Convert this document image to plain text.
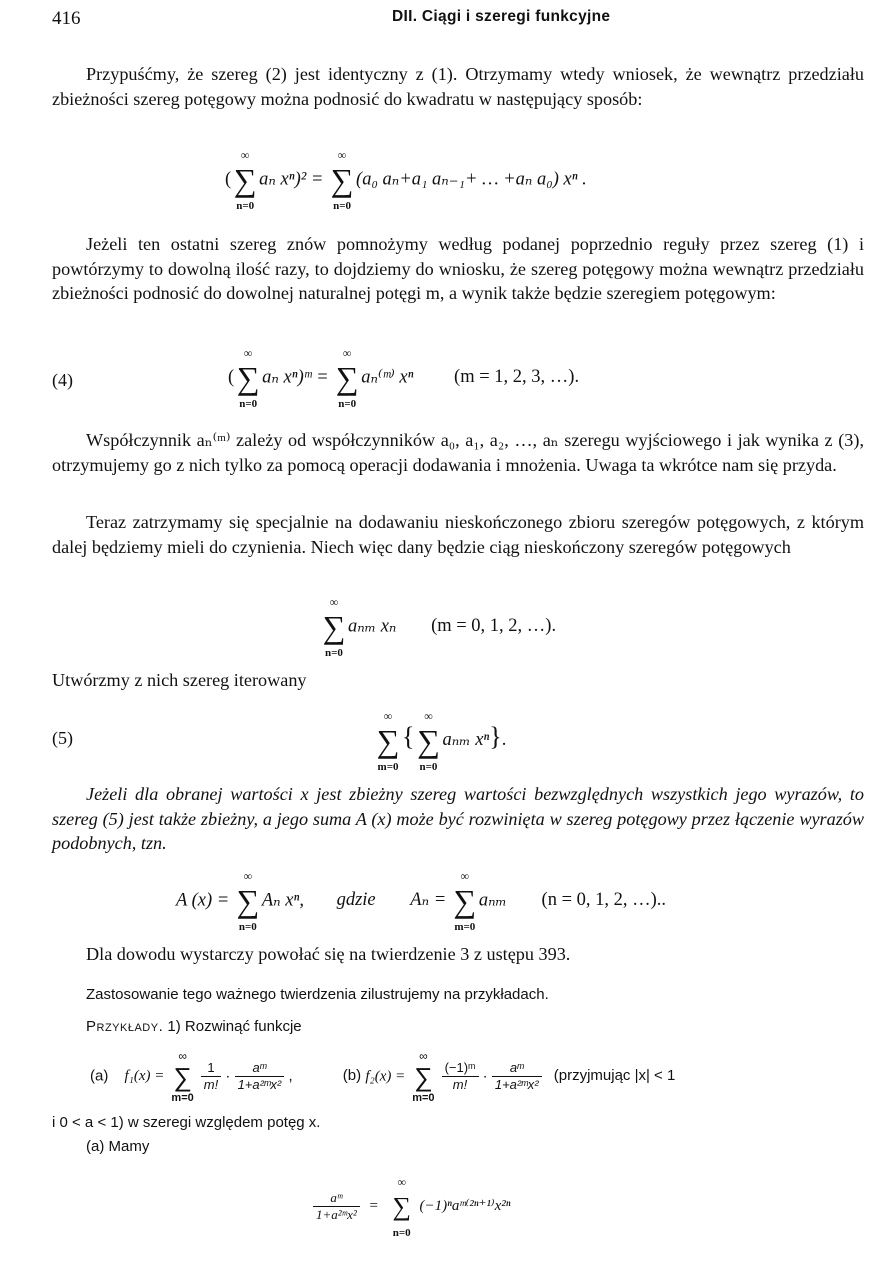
416	DII. Ciągi i szeregi funkcyjne
Przypuśćmy, że szereg (2) jest identyczny z (1). Otrzymamy wtedy wniosek, że wewnątrz przedziału zbieżności szereg potęgowy można podnosić do kwadratu w następujący sposób:
(
∞
∑
n=0
aₙ xⁿ)² =
∞
∑
n=0
(a₀ aₙ+a₁ aₙ₋₁+ … +aₙ a₀) xⁿ .
Jeżeli ten ostatni szereg znów pomnożymy według podanej poprzednio reguły przez szereg (1) i powtórzymy to dowolną ilość razy, to dojdziemy do wniosku, że szereg potęgowy można wewnątrz przedziału zbieżności podnosić do dowolnej naturalnej potęgi m, a wynik także będzie szeregiem potęgowym:
(4)	(
∞
∑
n=0
aₙ xⁿ)ᵐ =
∞
∑
n=0
aₙ⁽ᵐ⁾ xⁿ (m = 1, 2, 3, …).
Współczynnik aₙ⁽ᵐ⁾ zależy od współczynników a₀, a₁, a₂, …, aₙ szeregu wyjściowego i jak wynika z (3), otrzymujemy go z nich tylko za pomocą operacji dodawania i mnożenia. Uwaga ta wkrótce nam się przyda.
Teraz zatrzymamy się specjalnie na dodawaniu nieskończonego zbioru szeregów potęgowych, z którym dalej będziemy mieli do czynienia. Niech więc dany będzie ciąg nieskończony szeregów potęgowych
∞
∑
n=0
aₙₘ xₙ (m = 0, 1, 2, …).
Utwórzmy z nich szereg iterowany
(5)
∞
∑
m=0
{
∞
∑
n=0
aₙₘ xⁿ}.
Jeżeli dla obranej wartości x jest zbieżny szereg wartości bezwzględnych wszystkich jego wyrazów, to szereg (5) jest także zbieżny, a jego suma A (x) może być rozwinięta w szereg potęgowy przez łączenie wyrazów podobnych, tzn.
A (x) =
∞
∑
n=0
Aₙ xⁿ, gdzie Aₙ =
∞
∑
m=0
aₙₘ (n = 0, 1, 2, …)..
Dla dowodu wystarczy powołać się na twierdzenie 3 z ustępu 393.
Zastosowanie tego ważnego twierdzenia zilustrujemy na przykładach.
Przykłady. 1) Rozwinąć funkcje
(a) f₁(x) =
∞
∑
m=0

$\frac{1}{m!} \cdot \frac{\text{aᵐ}}{\text{1+a²ᵐx²}}$ ,	(b) f₂(x) =
∞
∑
m=0

$\frac{\text{(−1)ᵐ}}{m!} \cdot \frac{\text{aᵐ}}{\text{1+a²ᵐx²}}$ (przyjmując |x| < 1
i 0 < a < 1) w szeregi względem potęg x.
(a) Mamy
$\frac{\text{aᵐ}}{\text{1+a²ᵐx²}}$ =
∞
∑
n=0
(−1)ⁿaᵐ⁽²ⁿ⁺¹⁾x²ⁿ
